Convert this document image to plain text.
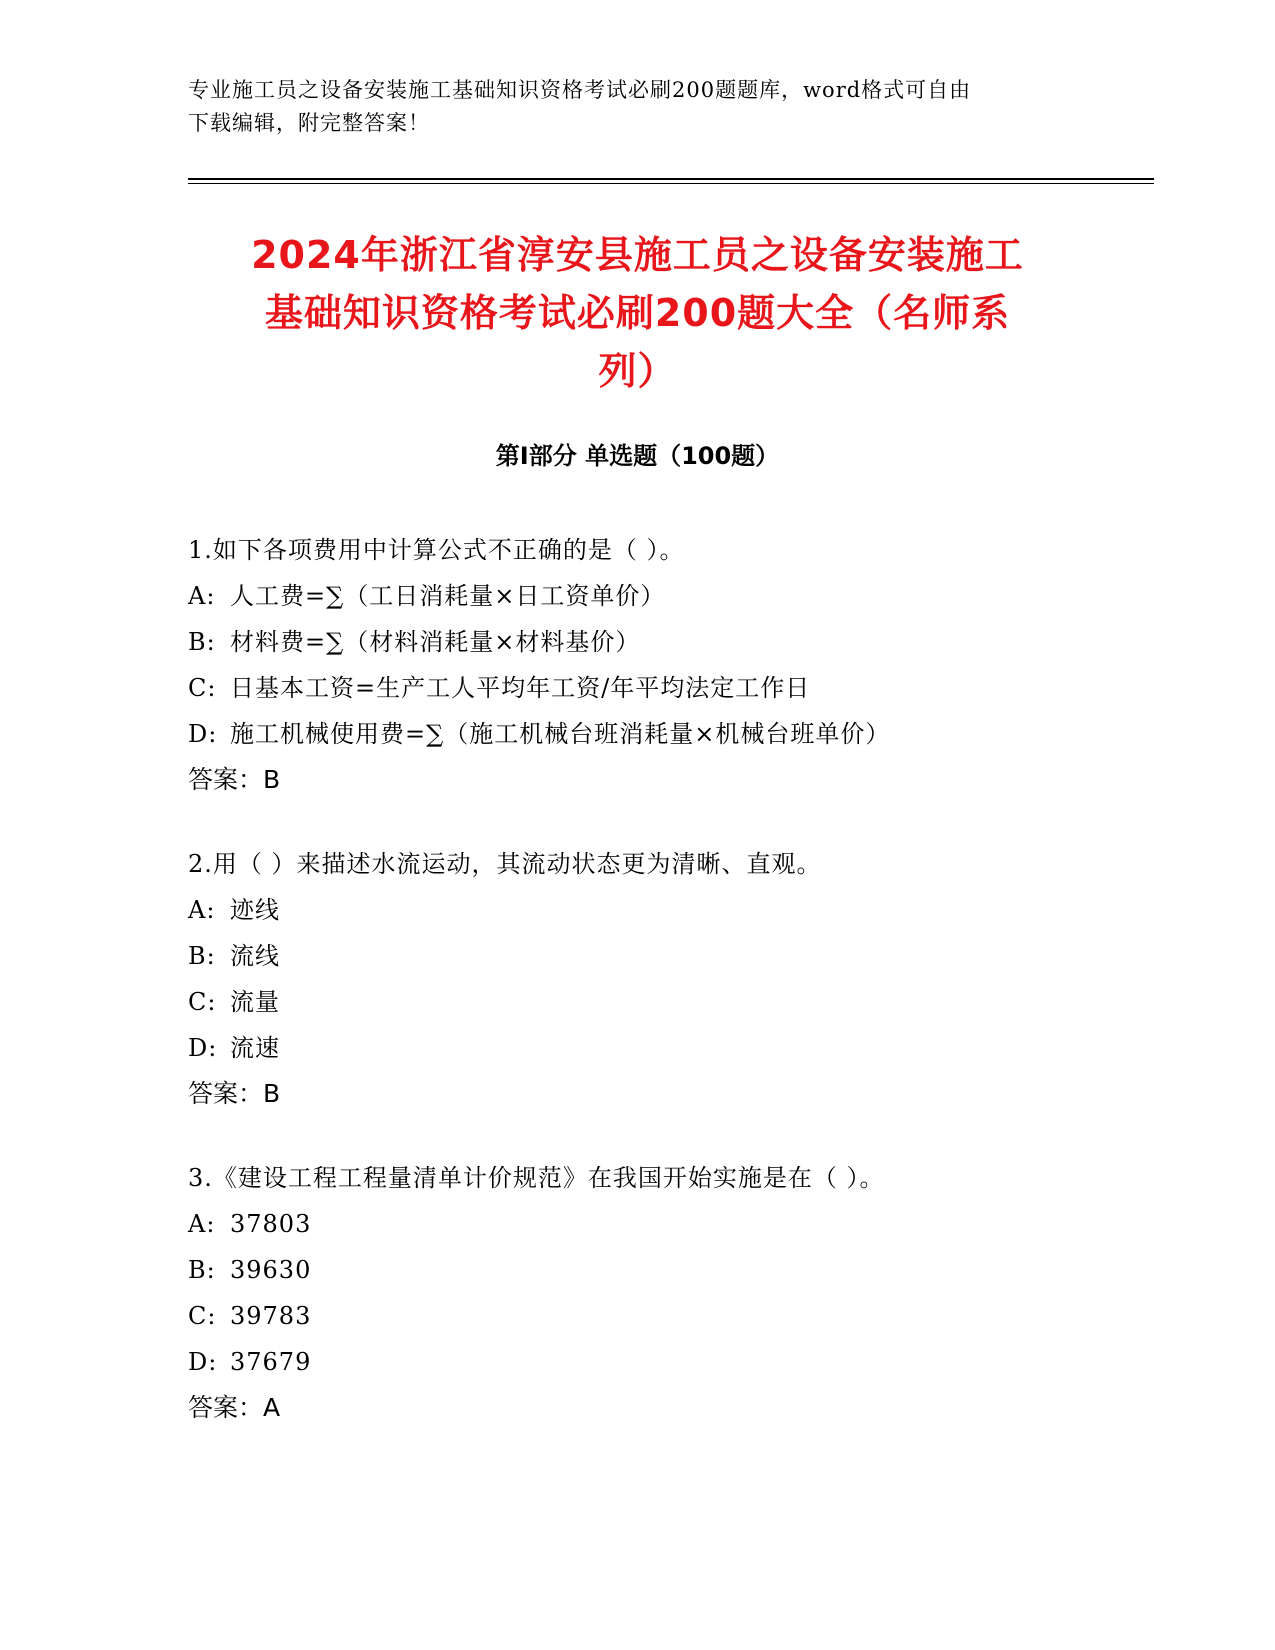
专业施工员之设备安装施工基础知识资格考试必刷200题题库，word格式可自由
下载编辑，附完整答案！
2024年浙江省淳安县施工员之设备安装施工
基础知识资格考试必刷200题大全（名师系
列）
第Ⅰ部分 单选题（100题）
1.如下各项费用中计算公式不正确的是（ ）。
A: 人工费=∑（工日消耗量×日工资单价）
B: 材料费=∑（材料消耗量×材料基价）
C: 日基本工资=生产工人平均年工资/年平均法定工作日
D: 施工机械使用费=∑（施工机械台班消耗量×机械台班单价）
答案：B
2.用（ ）来描述水流运动，其流动状态更为清晰、直观。
A: 迹线
B: 流线
C: 流量
D: 流速
答案：B
3.《建设工程工程量清单计价规范》在我国开始实施是在（ ）。
A: 37803
B: 39630
C: 39783
D: 37679
答案：A
